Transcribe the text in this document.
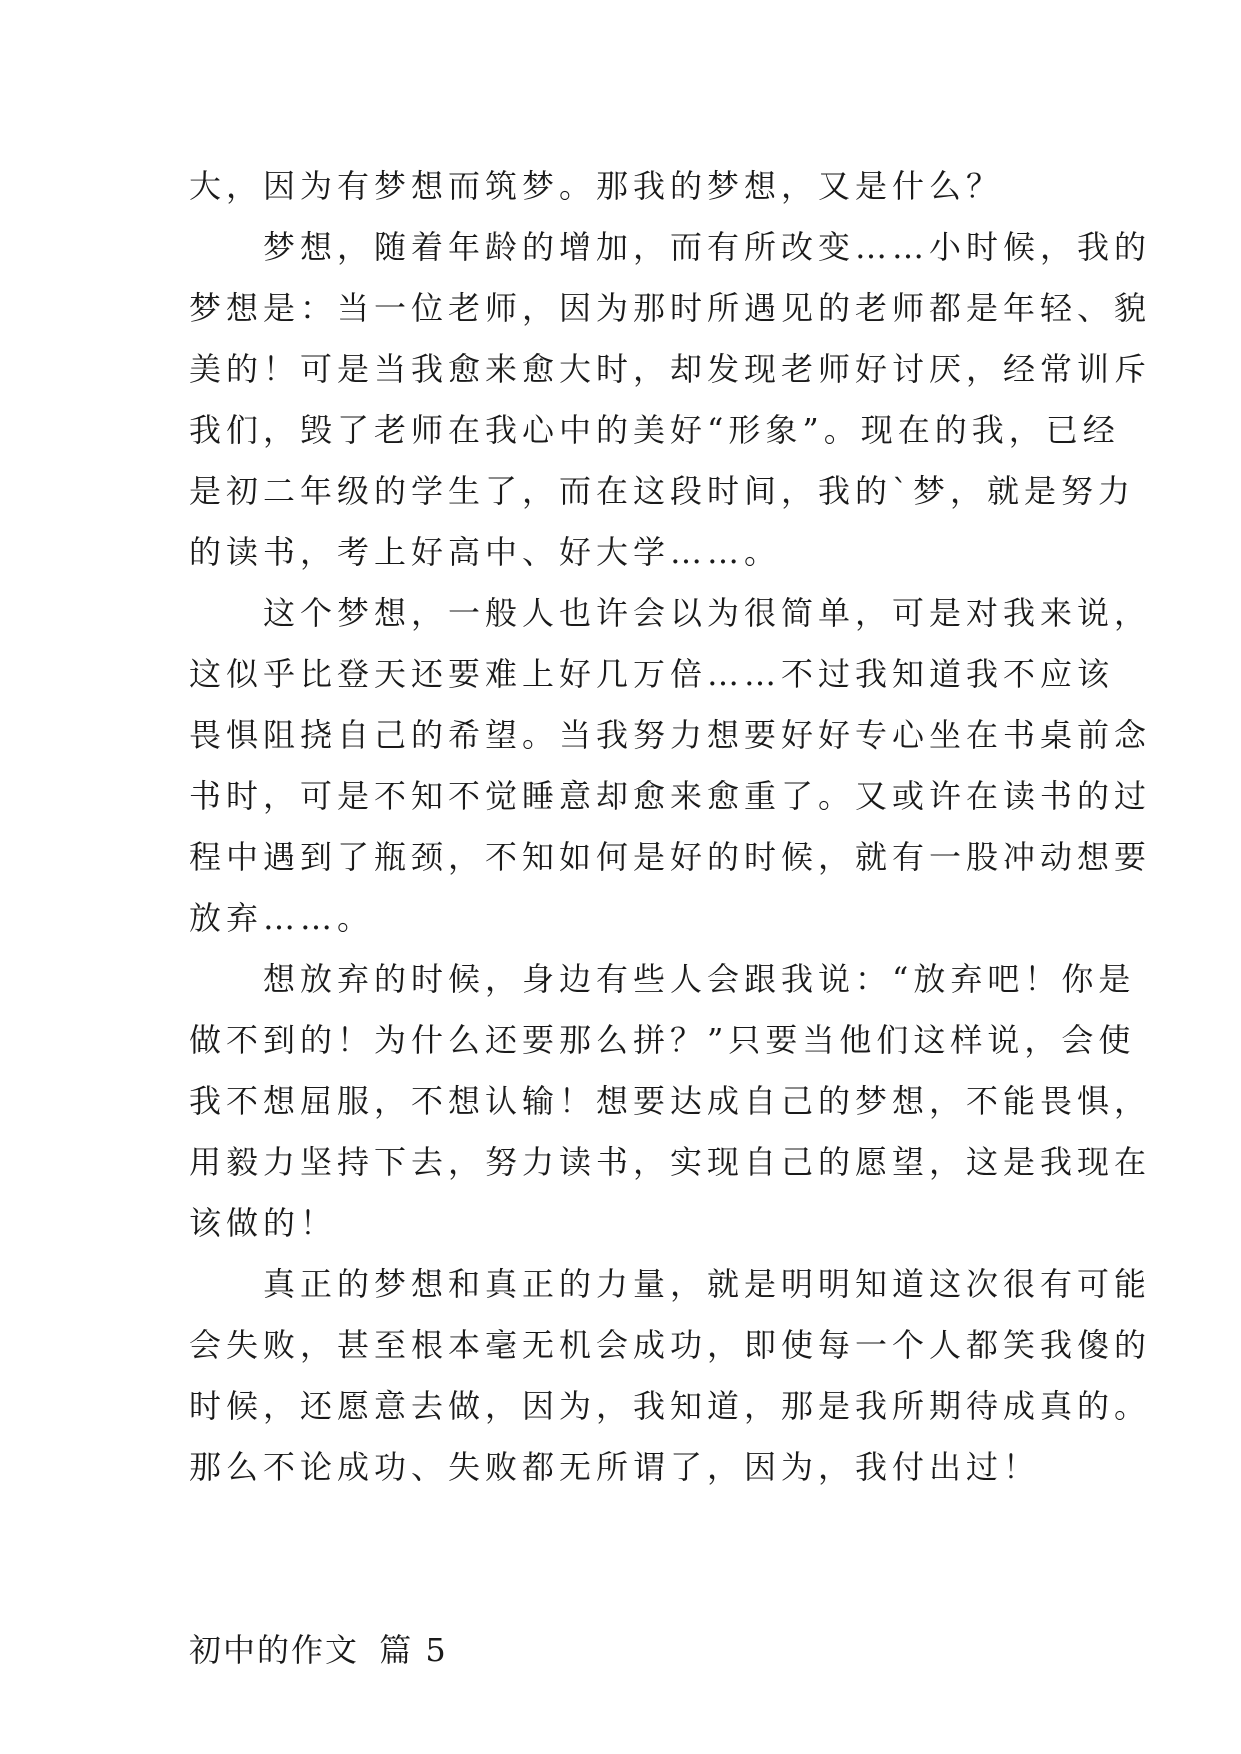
大，因为有梦想而筑梦。那我的梦想，又是什么？
梦想，随着年龄的增加，而有所改变……小时候，我的
梦想是：当一位老师，因为那时所遇见的老师都是年轻、貌
美的！可是当我愈来愈大时，却发现老师好讨厌，经常训斥
我们，毁了老师在我心中的美好“形象”。现在的我，已经
是初二年级的学生了，而在这段时间，我的`梦，就是努力
的读书，考上好高中、好大学……。
这个梦想，一般人也许会以为很简单，可是对我来说，
这似乎比登天还要难上好几万倍……不过我知道我不应该
畏惧阻挠自己的希望。当我努力想要好好专心坐在书桌前念
书时，可是不知不觉睡意却愈来愈重了。又或许在读书的过
程中遇到了瓶颈，不知如何是好的时候，就有一股冲动想要
放弃……。
想放弃的时候，身边有些人会跟我说：“放弃吧！你是
做不到的！为什么还要那么拼？”只要当他们这样说，会使
我不想屈服，不想认输！想要达成自己的梦想，不能畏惧，
用毅力坚持下去，努力读书，实现自己的愿望，这是我现在
该做的！
真正的梦想和真正的力量，就是明明知道这次很有可能
会失败，甚至根本毫无机会成功，即使每一个人都笑我傻的
时候，还愿意去做，因为，我知道，那是我所期待成真的。
那么不论成功、失败都无所谓了，因为，我付出过！
初中的作文 篇 5
